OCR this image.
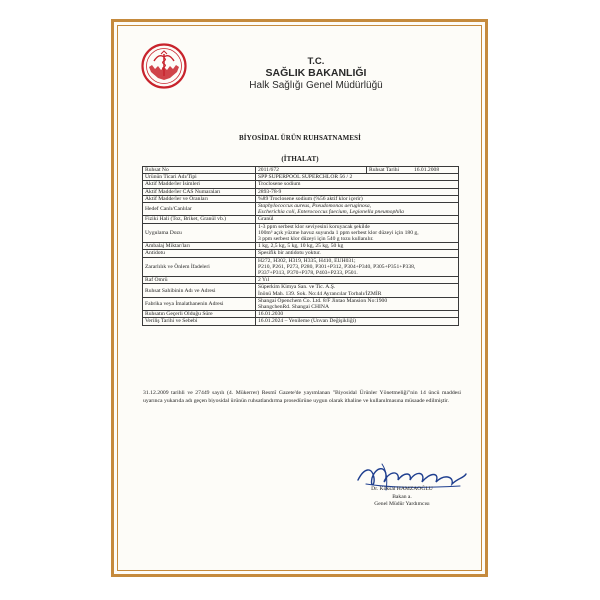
T.C.
SAĞLIK BAKANLIĞI
Halk Sağlığı Genel Müdürlüğü
BİYOSİDAL ÜRÜN RUHSATNAMESİ
(İTHALAT)
Ruhsat No	2011/672 Ruhsat Tarihi 16.01.2008

Ürünün Ticari Adı/Tipi	SPP SUPERPOOL SUPERCHLOR 56 / 2
Aktif Madde/ler İsimleri	Troclosene sodium
Aktif Madde/ler CAS Numaraları	2893-78-9
Aktif Madde/ler ve Oranları	%89 Troclosene sodium (%56 aktif klor içerir)
Hedef Canlı/Canlılar	Staphylococcus aureus, Pseudomonas aeruginosa,
Escherichia coli, Enterococcus faecium, Legionella pneumophila

Fiziki Hali (Toz, Briket, Granül vb.)	Granül
Uygulama Dozu	1-3 ppm serbest klor seviyesini koruyacak şekilde
100m³ açık yüzme havuz suyunda 1 ppm serbest klor düzeyi için 180 g,
3 ppm serbest klor düzeyi için 540 g tozu kullanılır.

Ambalaj Miktar/ları	1 kg, 2,5 kg, 5 kg, 10 kg, 25 kg, 50 kg
Antidotu	Spesifik bir antidotu yoktur.
Zararlılık ve Önlem İfadeleri	H272, H302, H319, H335, H410, EUH031;
P210, P261, P273, P280, P301+P312, P304+P340, P305+P351+P338,
P337+P313, P370+P378, P403+P233, P501.

Raf Ömrü	2 Yıl
Ruhsat Sahibinin Adı ve Adresi	Süperkim Kimya San. ve Tic. A.Ş.
İnönü Mah. 139. Sok. No:44 Ayrancılar Torbalı/İZMİR

Fabrika veya İmalathanenin Adresi	Shangai Openchem Co. Ltd. 8/F Jintao Mansion No:1900
ShangchenRd. Shangai CHINA

Ruhsatın Geçerli Olduğu Süre	16.01.2030
Veriliş Tarihi ve Sebebi	16.01.2024 – Yenileme (Unvan Değişikliği)
31.12.2009 tarihli ve 27449 sayılı (4. Mükerrer) Resmî Gazete'de yayımlanan "Biyosidal Ürünler Yönetmeliği"nin 14 üncü maddesi uyarınca yukarıda adı geçen biyosidal ürünün ruhsatlandırma prosedürüne uygun olarak ithaline ve kullanılmasına müsaade edilmiştir.
Dr. Köksal HAMZAOĞLU
Bakan a.
Genel Müdür Yardımcısı
